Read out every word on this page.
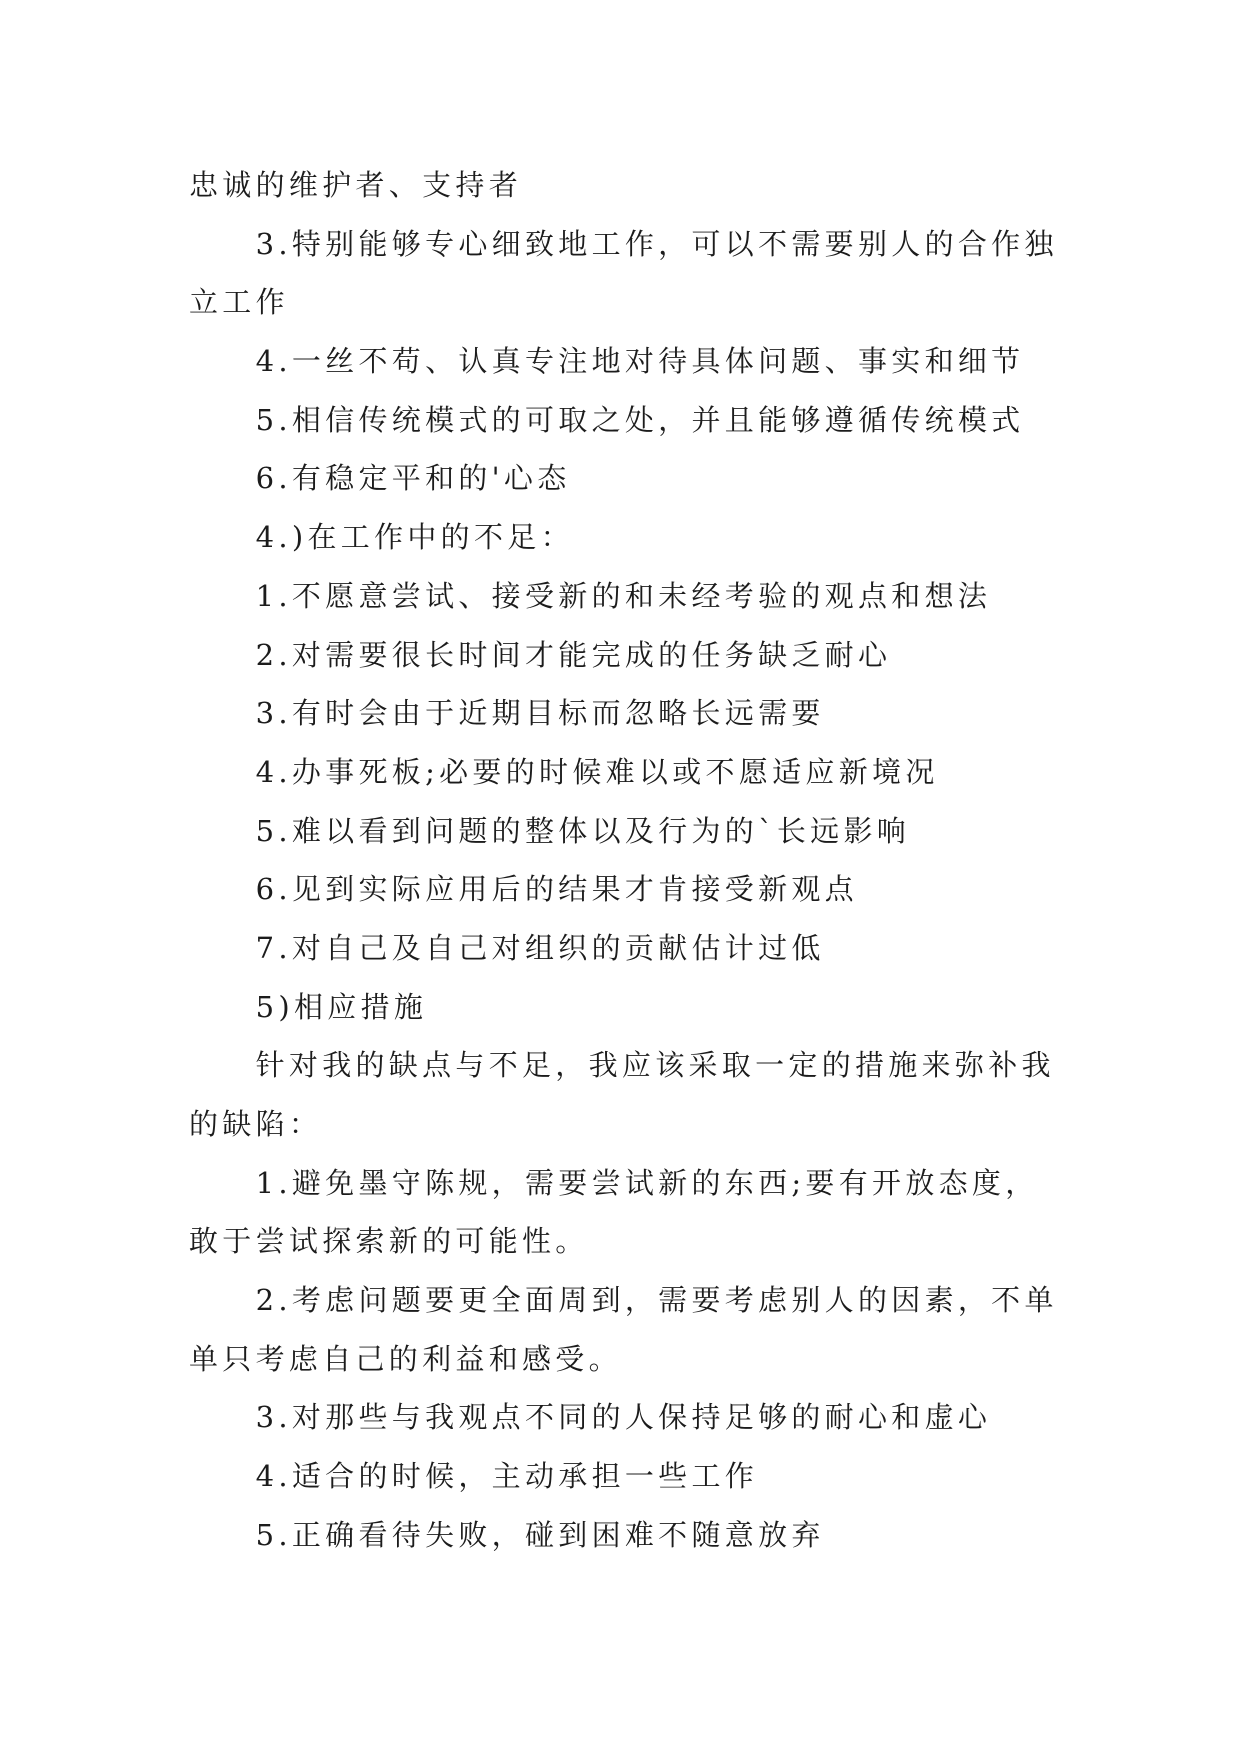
忠诚的维护者、支持者
3.特别能够专心细致地工作，可以不需要别人的合作独
立工作
4.一丝不苟、认真专注地对待具体问题、事实和细节
5.相信传统模式的可取之处，并且能够遵循传统模式
6.有稳定平和的'心态
4.)在工作中的不足：
1.不愿意尝试、接受新的和未经考验的观点和想法
2.对需要很长时间才能完成的任务缺乏耐心
3.有时会由于近期目标而忽略长远需要
4.办事死板;必要的时候难以或不愿适应新境况
5.难以看到问题的整体以及行为的`长远影响
6.见到实际应用后的结果才肯接受新观点
7.对自己及自己对组织的贡献估计过低
5)相应措施
针对我的缺点与不足，我应该采取一定的措施来弥补我
的缺陷：
1.避免墨守陈规，需要尝试新的东西;要有开放态度，
敢于尝试探索新的可能性。
2.考虑问题要更全面周到，需要考虑别人的因素，不单
单只考虑自己的利益和感受。
3.对那些与我观点不同的人保持足够的耐心和虚心
4.适合的时候，主动承担一些工作
5.正确看待失败，碰到困难不随意放弃
